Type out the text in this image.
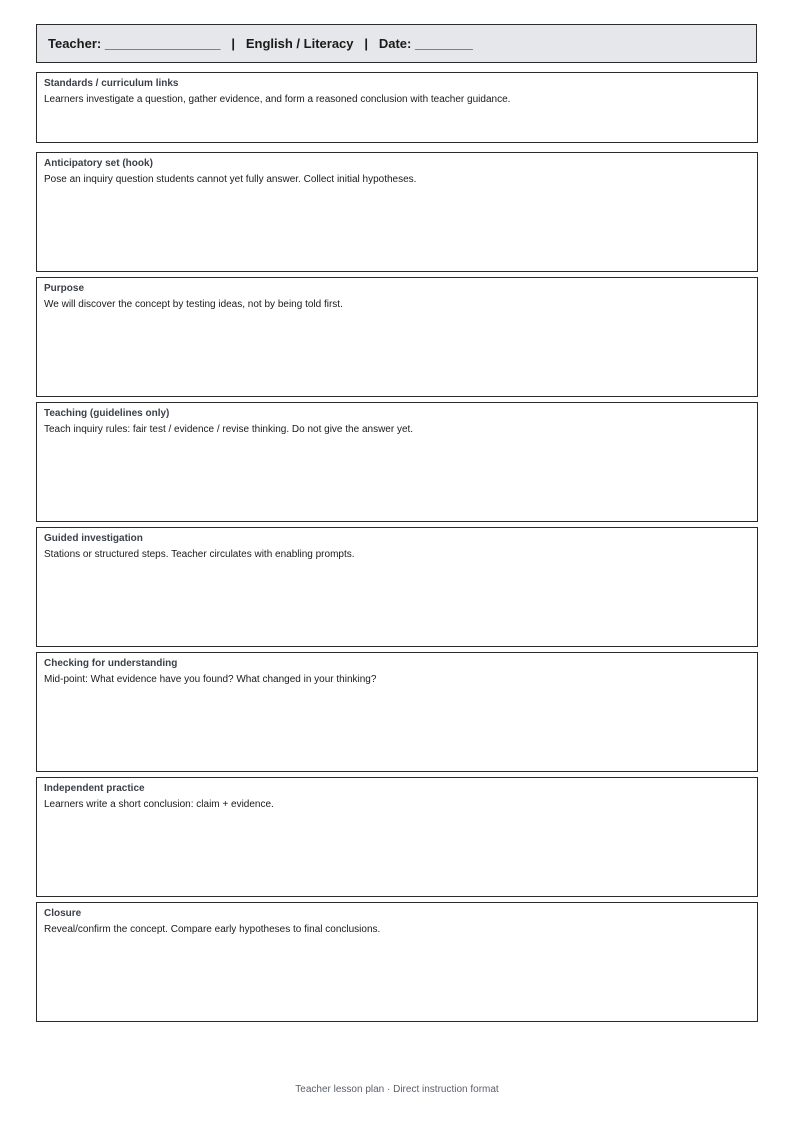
Teacher: ________________
|
English / Literacy
|
Date: ________
Standards / curriculum links
Learners investigate a question, gather evidence, and form a reasoned conclusion with teacher guidance.
Anticipatory set (hook)
Pose an inquiry question students cannot yet fully answer. Collect initial hypotheses.
Purpose
We will discover the concept by testing ideas, not by being told first.
Teaching (guidelines only)
Teach inquiry rules: fair test / evidence / revise thinking. Do not give the answer yet.
Guided investigation
Stations or structured steps. Teacher circulates with enabling prompts.
Checking for understanding
Mid-point: What evidence have you found? What changed in your thinking?
Independent practice
Learners write a short conclusion: claim + evidence.
Closure
Reveal/confirm the concept. Compare early hypotheses to final conclusions.
Teacher lesson plan · Direct instruction format
